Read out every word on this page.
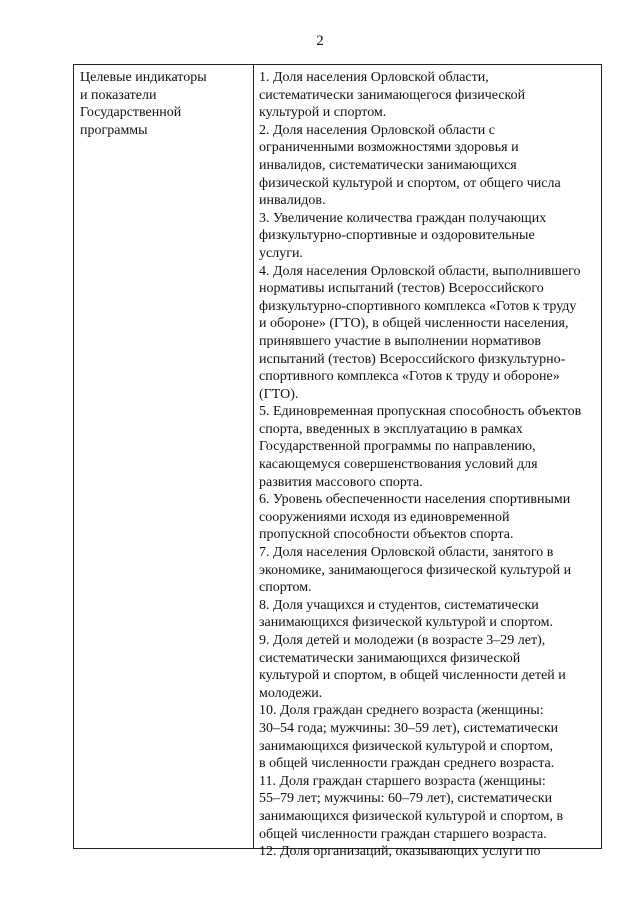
2
Целевые индикаторы
и показатели
Государственной
программы
1. Доля населения Орловской области,
систематически занимающегося физической
культурой и спортом.
2. Доля населения Орловской области с
ограниченными возможностями здоровья и
инвалидов, систематически занимающихся
физической культурой и спортом, от общего числа
инвалидов.
3. Увеличение количества граждан получающих
физкультурно-спортивные и оздоровительные
услуги.
4. Доля населения Орловской области, выполнившего
нормативы испытаний (тестов) Всероссийского
физкультурно-спортивного комплекса «Готов к труду
и обороне» (ГТО), в общей численности населения,
принявшего участие в выполнении нормативов
испытаний (тестов) Всероссийского физкультурно-
спортивного комплекса «Готов к труду и обороне»
(ГТО).
5. Единовременная пропускная способность объектов
спорта, введенных в эксплуатацию в рамках
Государственной программы по направлению,
касающемуся совершенствования условий для
развития массового спорта.
6. Уровень обеспеченности населения спортивными
сооружениями исходя из единовременной
пропускной способности объектов спорта.
7. Доля населения Орловской области, занятого в
экономике, занимающегося физической культурой и
спортом.
8. Доля учащихся и студентов, систематически
занимающихся физической культурой и спортом.
9. Доля детей и молодежи (в возрасте 3–29 лет),
систематически занимающихся физической
культурой и спортом, в общей численности детей и
молодежи.
10. Доля граждан среднего возраста (женщины:
30–54 года; мужчины: 30–59 лет), систематически
занимающихся физической культурой и спортом,
в общей численности граждан среднего возраста.
11. Доля граждан старшего возраста (женщины:
55–79 лет; мужчины: 60–79 лет), систематически
занимающихся физической культурой и спортом, в
общей численности граждан старшего возраста.
12. Доля организаций, оказывающих услуги по
